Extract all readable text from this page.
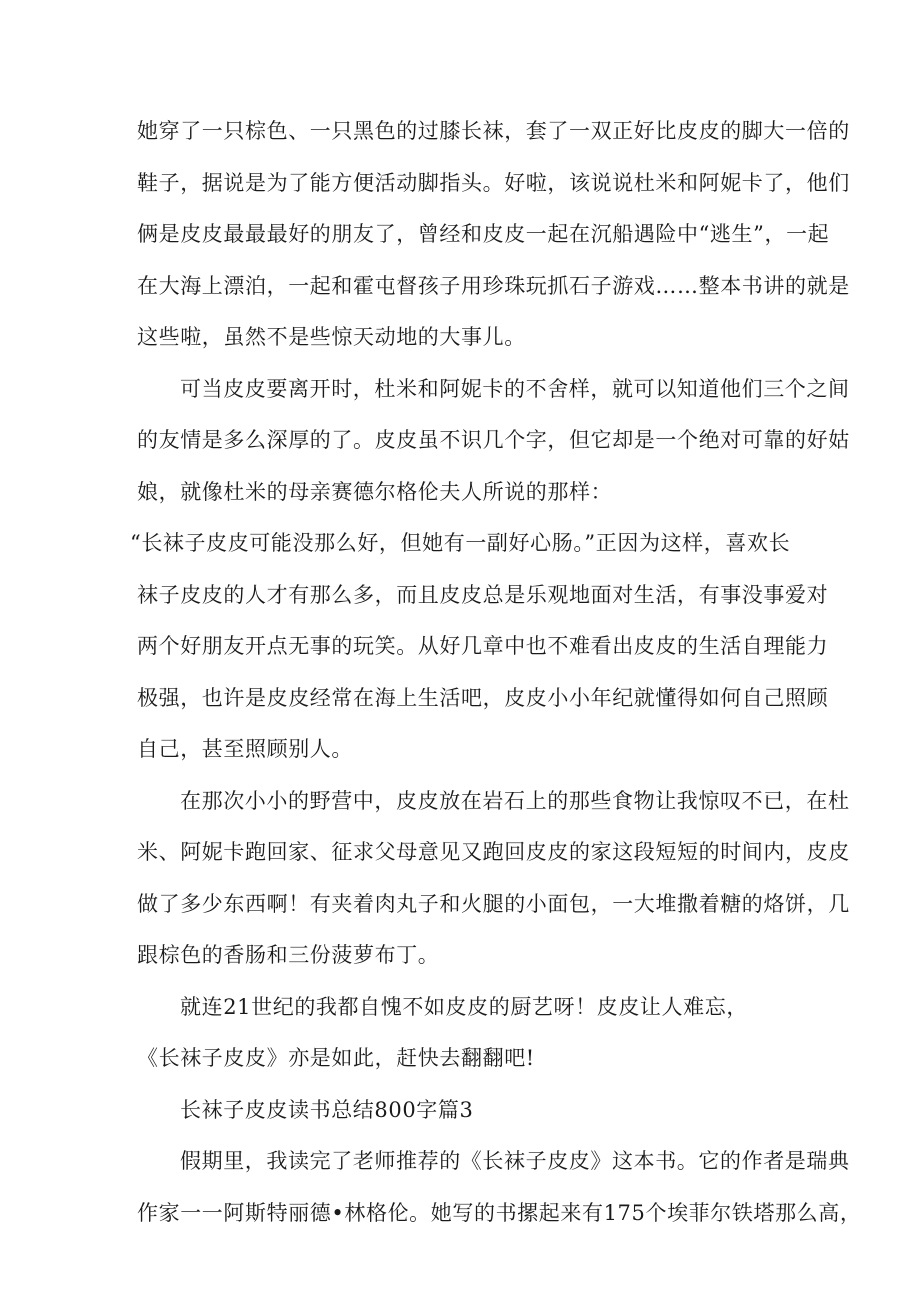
她穿了一只棕色、一只黑色的过膝长袜，套了一双正好比皮皮的脚大一倍的
鞋子，据说是为了能方便活动脚指头。好啦，该说说杜米和阿妮卡了，他们
俩是皮皮最最最好的朋友了，曾经和皮皮一起在沉船遇险中“逃生”，一起
在大海上漂泊，一起和霍屯督孩子用珍珠玩抓石子游戏……整本书讲的就是
这些啦，虽然不是些惊天动地的大事儿。
可当皮皮要离开时，杜米和阿妮卡的不舍样，就可以知道他们三个之间
的友情是多么深厚的了。皮皮虽不识几个字，但它却是一个绝对可靠的好姑
娘，就像杜米的母亲赛德尔格伦夫人所说的那样：
“长袜子皮皮可能没那么好，但她有一副好心肠。”正因为这样，喜欢长
袜子皮皮的人才有那么多，而且皮皮总是乐观地面对生活，有事没事爱对
两个好朋友开点无事的玩笑。从好几章中也不难看出皮皮的生活自理能力
极强，也许是皮皮经常在海上生活吧，皮皮小小年纪就懂得如何自己照顾
自己，甚至照顾别人。
在那次小小的野营中，皮皮放在岩石上的那些食物让我惊叹不已，在杜
米、阿妮卡跑回家、征求父母意见又跑回皮皮的家这段短短的时间内，皮皮
做了多少东西啊！有夹着肉丸子和火腿的小面包，一大堆撒着糖的烙饼，几
跟棕色的香肠和三份菠萝布丁。
就连21世纪的我都自愧不如皮皮的厨艺呀！皮皮让人难忘，
《长袜子皮皮》亦是如此，赶快去翻翻吧!
长袜子皮皮读书总结800字篇3
假期里，我读完了老师推荐的《长袜子皮皮》这本书。它的作者是瑞典
作家一一阿斯特丽德•林格伦。她写的书摞起来有175个埃菲尔铁塔那么高，
